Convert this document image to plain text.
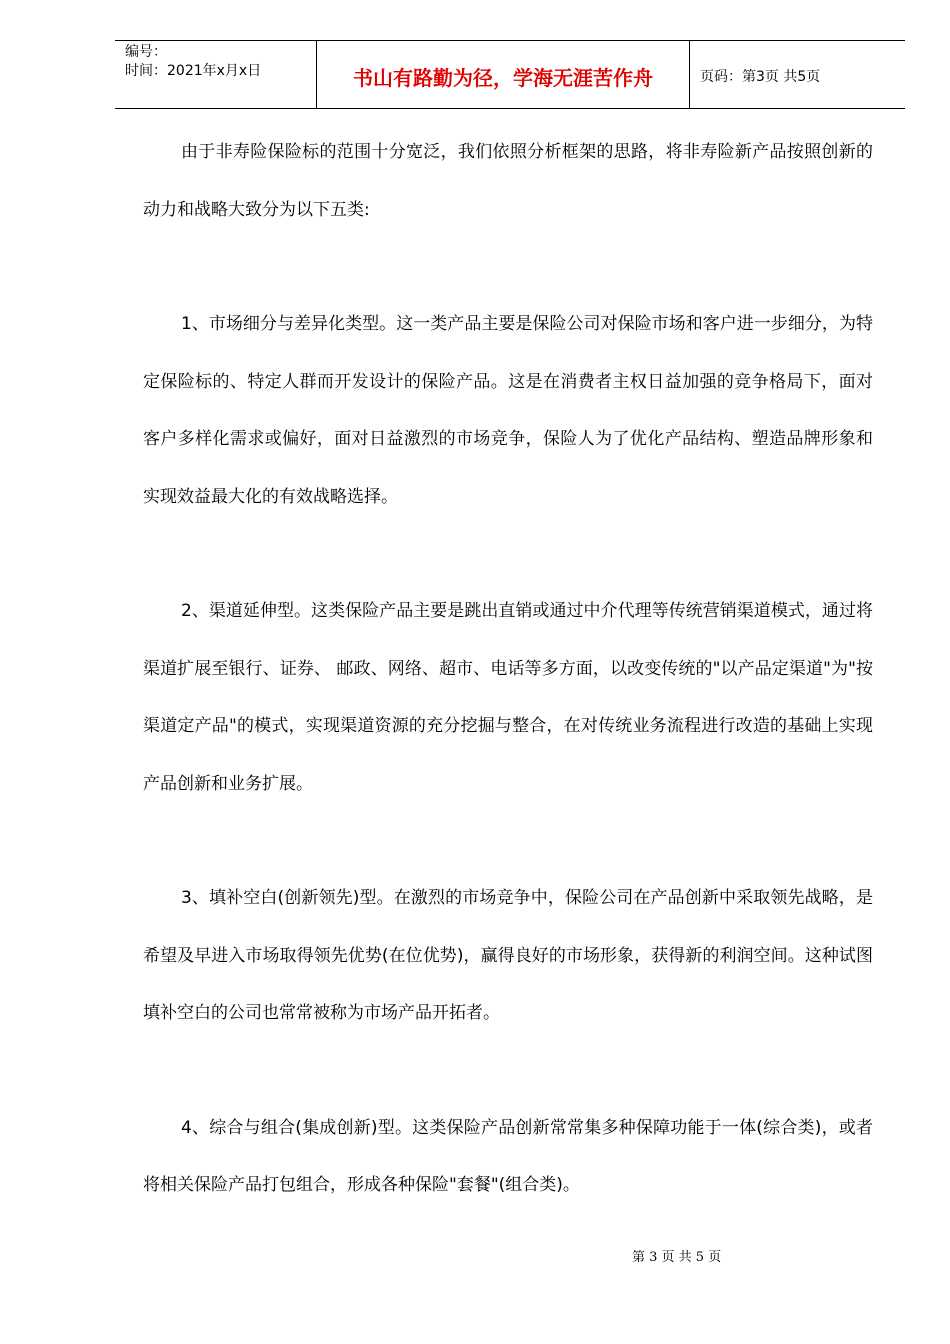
编号：
时间：2021年x月x日	书山有路勤为径，学海无涯苦作舟	页码：第3页 共5页

由于非寿险保险标的范围十分宽泛，我们依照分析框架的思路，将非寿险新产品按照创新的动力和战略大致分为以下五类:

1、市场细分与差异化类型。这一类产品主要是保险公司对保险市场和客户进一步细分，为特定保险标的、特定人群而开发设计的保险产品。这是在消费者主权日益加强的竞争格局下，面对客户多样化需求或偏好，面对日益激烈的市场竞争，保险人为了优化产品结构、塑造品牌形象和实现效益最大化的有效战略选择。

2、渠道延伸型。这类保险产品主要是跳出直销或通过中介代理等传统营销渠道模式，通过将渠道扩展至银行、证券、 邮政、网络、超市、电话等多方面，以改变传统的"以产品定渠道"为"按渠道定产品"的模式，实现渠道资源的充分挖掘与整合，在对传统业务流程进行改造的基础上实现产品创新和业务扩展。

3、填补空白(创新领先)型。在激烈的市场竞争中，保险公司在产品创新中采取领先战略，是希望及早进入市场取得领先优势(在位优势)，赢得良好的市场形象，获得新的利润空间。这种试图填补空白的公司也常常被称为市场产品开拓者。

4、综合与组合(集成创新)型。这类保险产品创新常常集多种保障功能于一体(综合类)，或者将相关保险产品打包组合，形成各种保险"套餐"(组合类)。

第 3 页 共 5 页
